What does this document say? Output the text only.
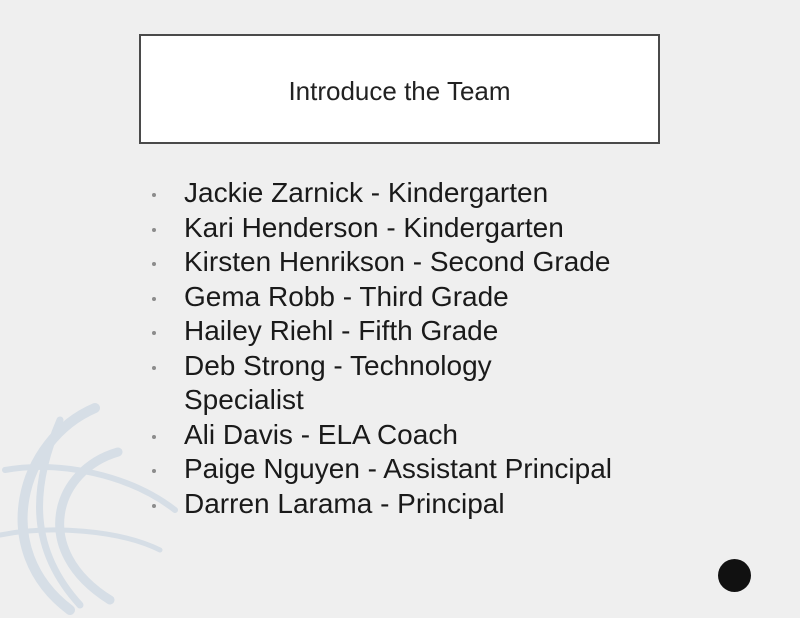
Introduce the Team
Jackie Zarnick - Kindergarten
Kari Henderson - Kindergarten
Kirsten Henrikson - Second Grade
Gema Robb - Third Grade
Hailey Riehl - Fifth Grade
Deb Strong - Technology Specialist
Ali Davis - ELA Coach
Paige Nguyen - Assistant Principal
Darren Larama - Principal
